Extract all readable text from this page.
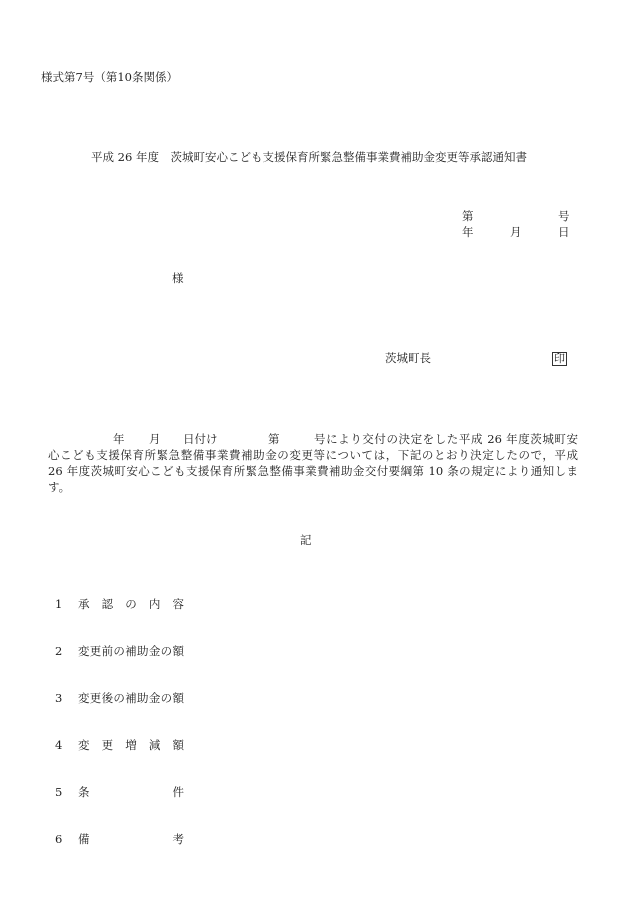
様式第7号（第10条関係）
平成 26 年度　茨城町安心こども支援保育所緊急整備事業費補助金変更等承認通知書
第	号
年	月	日
様
茨城町長	印
年 月 日付け	第	号により交付の決定をした平成 26 年度茨城町安
心こども支援保育所緊急整備事業費補助金の変更等については，下記のとおり決定したので，平成
26 年度茨城町安心こども支援保育所緊急整備事業費補助金交付要綱第 10 条の規定により通知しま
す。
記
1 承認の内容
2 変更前の補助金の額
3 変更後の補助金の額
4 変更増減額
5 条件
6 備考
